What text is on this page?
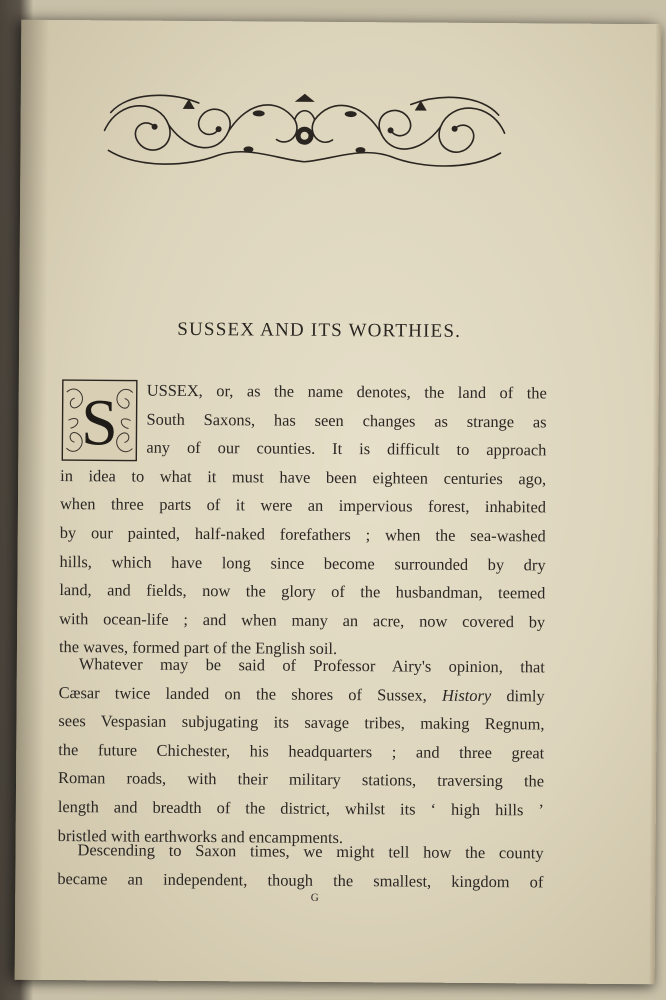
SUSSEX AND ITS WORTHIES.
S	USSEX, or, as the name denotes, the land of the
South Saxons, has seen changes as strange as
any of our counties. It is difficult to approach
in idea to what it must have been eighteen centuries ago,
when three parts of it were an impervious forest, inhabited
by our painted, half-naked forefathers ; when the sea-washed
hills, which have long since become surrounded by dry
land, and fields, now the glory of the husbandman, teemed
with ocean-life ; and when many an acre, now covered by
the waves, formed part of the English soil.
Whatever may be said of Professor Airy's opinion, that
Cæsar twice landed on the shores of Sussex, History dimly
sees Vespasian subjugating its savage tribes, making Regnum,
the future Chichester, his headquarters ; and three great
Roman roads, with their military stations, traversing the
length and breadth of the district, whilst its ‘ high hills ’
bristled with earthworks and encampments.
Descending to Saxon times, we might tell how the county
became an independent, though the smallest, kingdom of
G
